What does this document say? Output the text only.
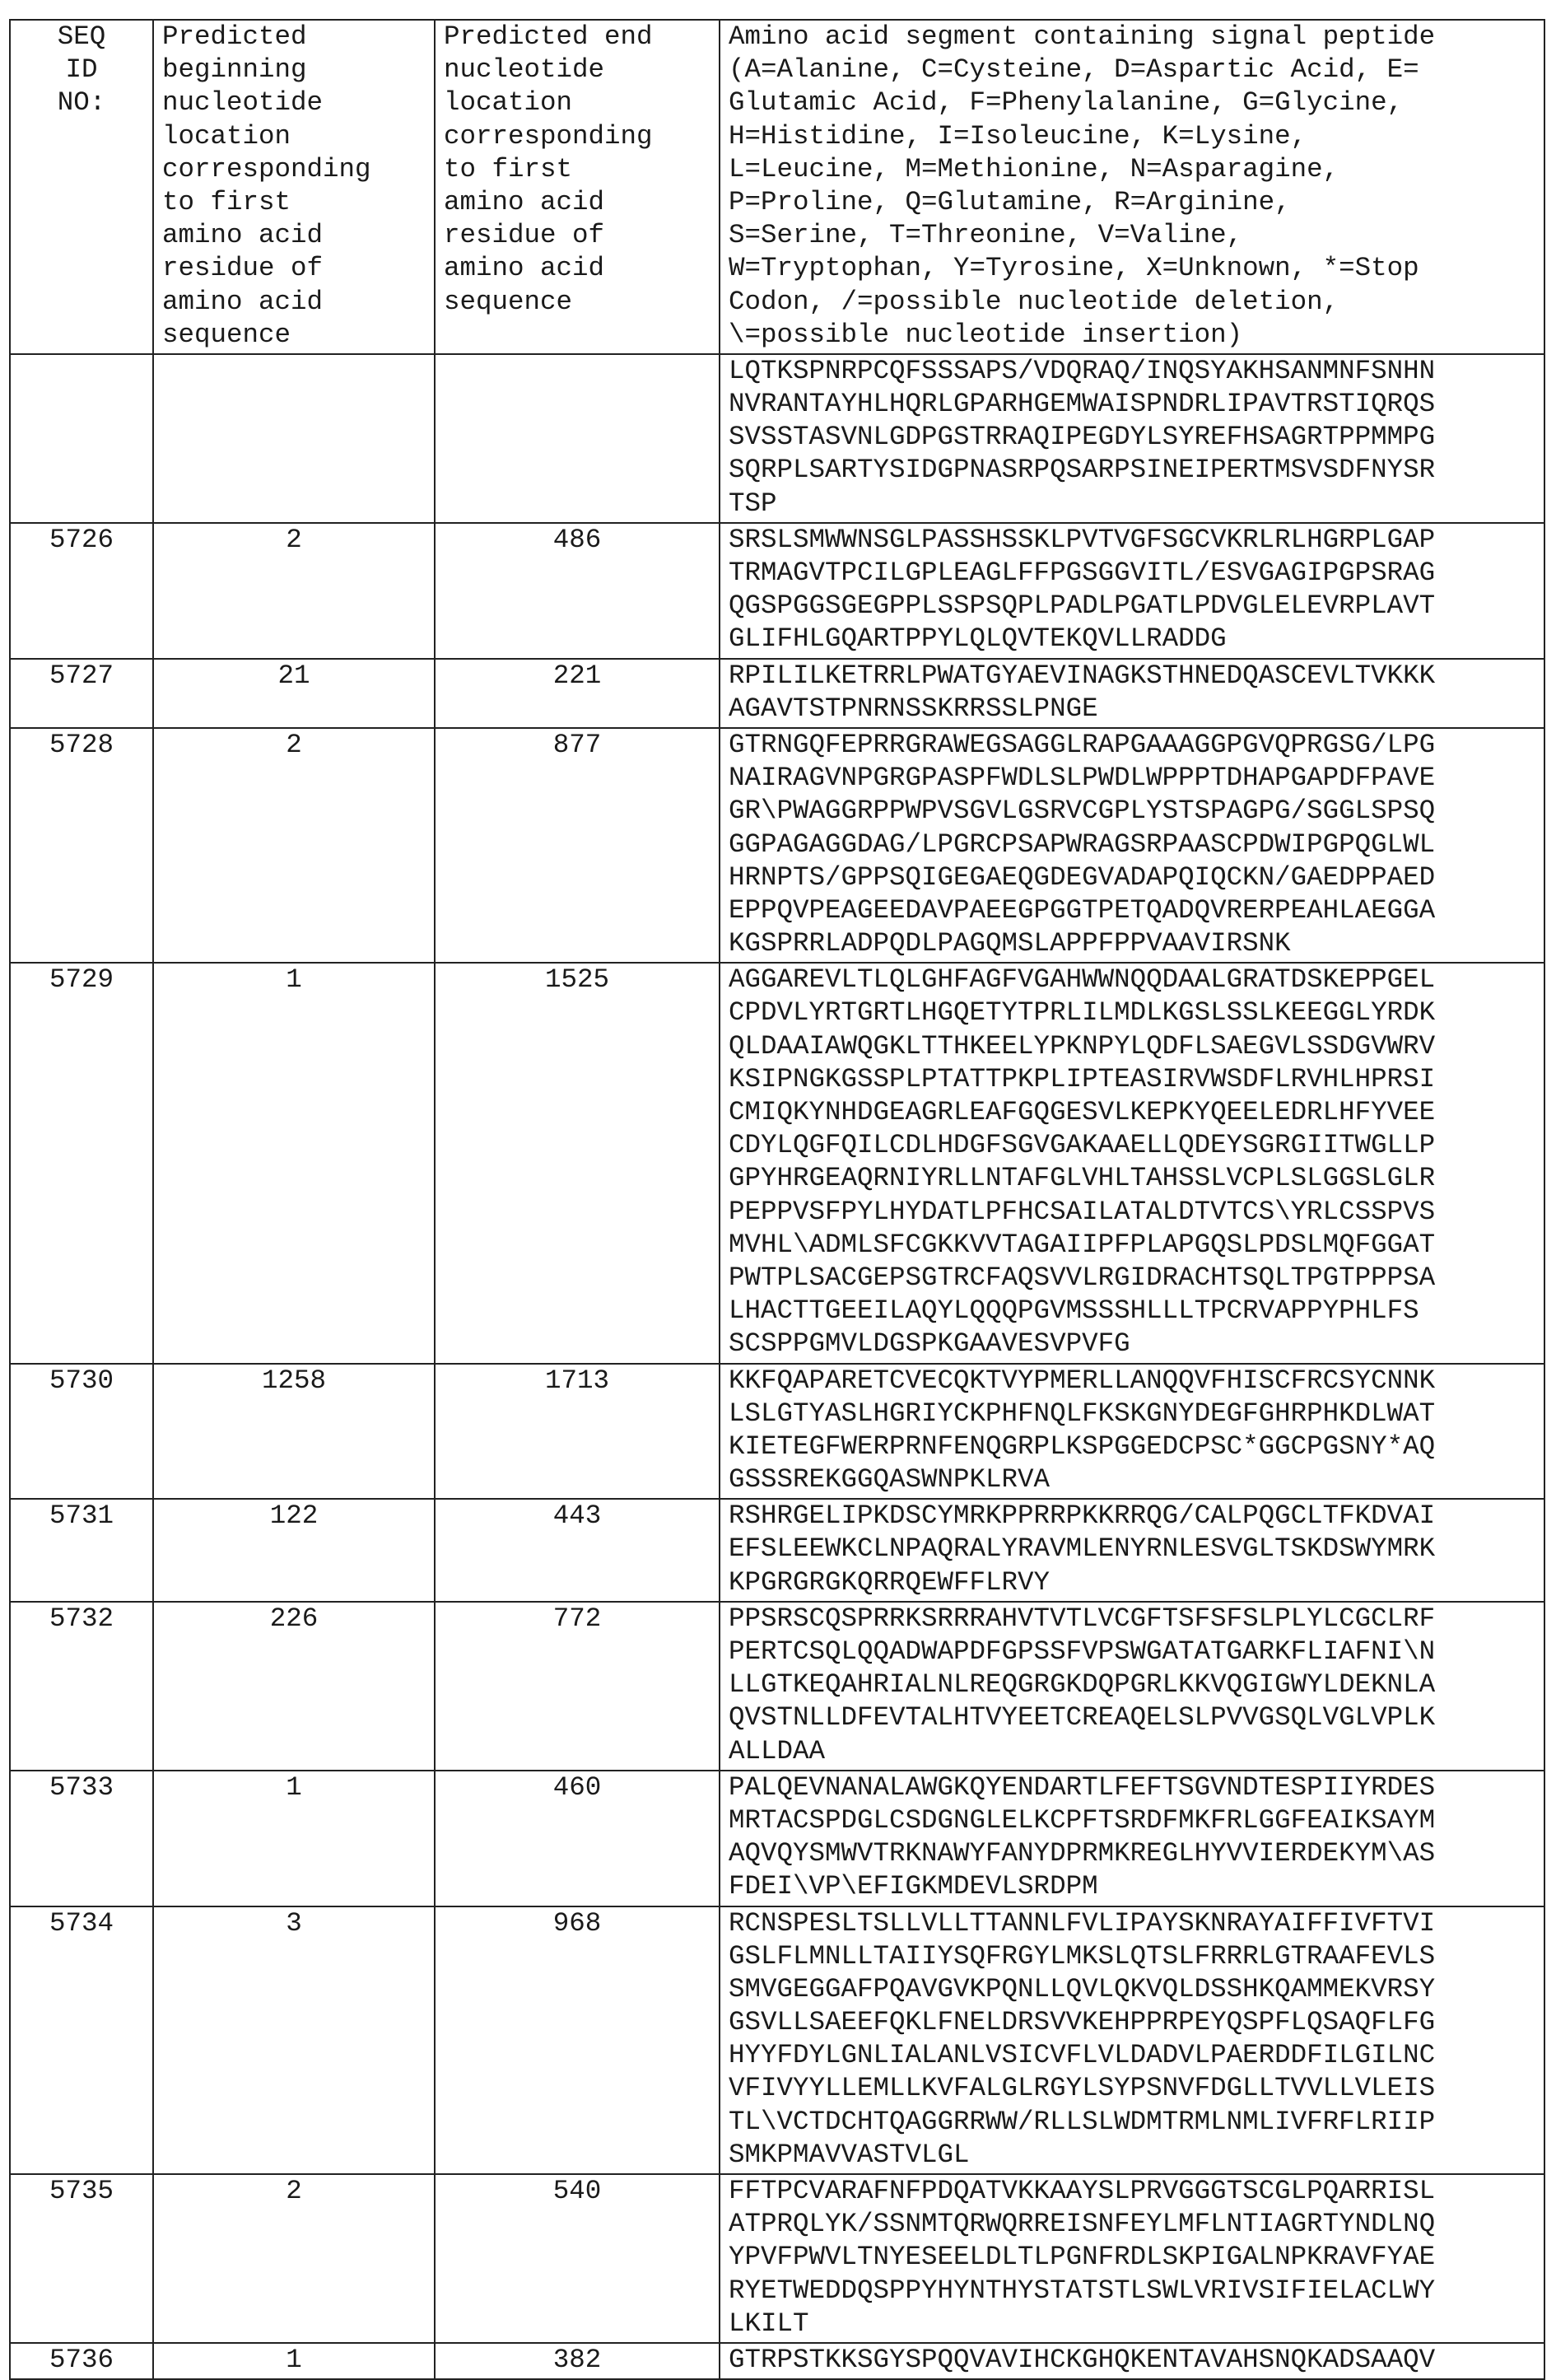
SEQ
ID
NO:

Predicted
beginning
nucleotide
location
corresponding
to first
amino acid
residue of
amino acid
sequence

Predicted end
nucleotide
location
corresponding
to first
amino acid
residue of
amino acid
sequence

Amino acid segment containing signal peptide
(A=Alanine, C=Cysteine, D=Aspartic Acid, E=
Glutamic Acid, F=Phenylalanine, G=Glycine,
H=Histidine, I=Isoleucine, K=Lysine,
L=Leucine, M=Methionine, N=Asparagine,
P=Proline, Q=Glutamine, R=Arginine,
S=Serine, T=Threonine, V=Valine,
W=Tryptophan, Y=Tyrosine, X=Unknown, *=Stop
Codon, /=possible nucleotide deletion,
\=possible nucleotide insertion)

LQTKSPNRPCQFSSSAPS/VDQRAQ/INQSYAKHSANMNFSNHN
NVRANTAYHLHQRLGPARHGEMWAISPNDRLIPAVTRSTIQRQS
SVSSTASVNLGDPGSTRRAQIPEGDYLSYREFHSAGRTPPMMPG
SQRPLSARTYSIDGPNASRPQSARPSINEIPERTMSVSDFNYSR
TSP

5726	2	486	SRSLSMWWNSGLPASSHSSKLPVTVGFSGCVKRLRLHGRPLGAP
TRMAGVTPCILGPLEAGLFFPGSGGVITL/ESVGAGIPGPSRAG
QGSPGGSGEGPPLSSPSQPLPADLPGATLPDVGLELEVRPLAVT
GLIFHLGQARTPPYLQLQVTEKQVLLRADDG

5727	21	221	RPILILKETRRLPWATGYAEVINAGKSTHNEDQASCEVLTVKKK
AGAVTSTPNRNSSKRRSSLPNGE

5728	2	877	GTRNGQFEPRRGRAWEGSAGGLRAPGAAAGGPGVQPRGSG/LPG
NAIRAGVNPGRGPASPFWDLSLPWDLWPPPTDHAPGAPDFPAVE
GR\PWAGGRPPWPVSGVLGSRVCGPLYSTSPAGPG/SGGLSPSQ
GGPAGAGGDAG/LPGRCPSAPWRAGSRPAASCPDWIPGPQGLWL
HRNPTS/GPPSQIGEGAEQGDEGVADAPQIQCKN/GAEDPPAED
EPPQVPEAGEEDAVPAEEGPGGTPETQADQVRERPEAHLAEGGA
KGSPRRLADPQDLPAGQMSLAPPFPPVAAVIRSNK

5729	1	1525	AGGAREVLTLQLGHFAGFVGAHWWNQQDAALGRATDSKEPPGEL
CPDVLYRTGRTLHGQETYTPRLILMDLKGSLSSLKEEGGLYRDK
QLDAAIAWQGKLTTHKEELYPKNPYLQDFLSAEGVLSSDGVWRV
KSIPNGKGSSPLPTATTPKPLIPTEASIRVWSDFLRVHLHPRSI
CMIQKYNHDGEAGRLEAFGQGESVLKEPKYQEELEDRLHFYVEE
CDYLQGFQILCDLHDGFSGVGAKAAELLQDEYSGRGIITWGLLP
GPYHRGEAQRNIYRLLNTAFGLVHLTAHSSLVCPLSLGGSLGLR
PEPPVSFPYLHYDATLPFHCSAILATALDTVTCS\YRLCSSPVS
MVHL\ADMLSFCGKKVVTAGAIIPFPLAPGQSLPDSLMQFGGAT
PWTPLSACGEPSGTRCFAQSVVLRGIDRACHTSQLTPGTPPPSA
LHACTTGEEILAQYLQQQPGVMSSSHLLLTPCRVAPPYPHLFS
SCSPPGMVLDGSPKGAAVESVPVFG

5730	1258	1713	KKFQAPARETCVECQKTVYPMERLLANQQVFHISCFRCSYCNNK
LSLGTYASLHGRIYCKPHFNQLFKSKGNYDEGFGHRPHKDLWAT
KIETEGFWERPRNFENQGRPLKSPGGEDCPSC*GGCPGSNY*AQ
GSSSREKGGQASWNPKLRVA

5731	122	443	RSHRGELIPKDSCYMRKPPRRPKKRRQG/CALPQGCLTFKDVAI
EFSLEEWKCLNPAQRALYRAVMLENYRNLESVGLTSKDSWYMRK
KPGRGRGKQRRQEWFFLRVY

5732	226	772	PPSRSCQSPRRKSRRRAHVTVTLVCGFTSFSFSLPLYLCGCLRF
PERTCSQLQQADWAPDFGPSSFVPSWGATATGARKFLIAFNI\N
LLGTKEQAHRIALNLREQGRGKDQPGRLKKVQGIGWYLDEKNLA
QVSTNLLDFEVTALHTVYEETCREAQELSLPVVGSQLVGLVPLK
ALLDAA

5733	1	460	PALQEVNANALAWGKQYENDARTLFEFTSGVNDTESPIIYRDES
MRTACSPDGLCSDGNGLELKCPFTSRDFMKFRLGGFEAIKSAYM
AQVQYSMWVTRKNAWYFANYDPRMKREGLHYVVIERDEKYM\AS
FDEI\VP\EFIGKMDEVLSRDPM

5734	3	968	RCNSPESLTSLLVLLTTANNLFVLIPAYSKNRAYAIFFIVFTVI
GSLFLMNLLTAIIYSQFRGYLMKSLQTSLFRRRLGTRAAFEVLS
SMVGEGGAFPQAVGVKPQNLLQVLQKVQLDSSHKQAMMEKVRSY
GSVLLSAEEFQKLFNELDRSVVKEHPPRPEYQSPFLQSAQFLFG
HYYFDYLGNLIALANLVSICVFLVLDADVLPAERDDFILGILNC
VFIVYYLLEMLLKVFALGLRGYLSYPSNVFDGLLTVVLLVLEIS
TL\VCTDCHTQAGGRRWW/RLLSLWDMTRMLNMLIVFRFLRIIP
SMKPMAVVASTVLGL

5735	2	540	FFTPCVARAFNFPDQATVKKAAYSLPRVGGGTSCGLPQARRISL
ATPRQLYK/SSNMTQRWQRREISNFEYLMFLNTIAGRTYNDLNQ
YPVFPWVLTNYESEELDLTLPGNFRDLSKPIGALNPKRAVFYAE
RYETWEDDQSPPYHYNTHYSTATSTLSWLVRIVSIFIELACLWY
LKILT

5736	1	382	GTRPSTKKSGYSPQQVAVIHCKGHQKENTAVAHSNQKADSAAQV
